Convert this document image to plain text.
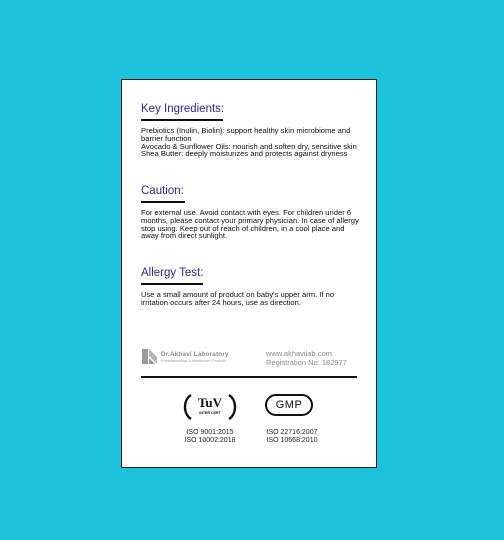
Key Ingredients:

Prebiotics (Inulin, Biolin): support healthy skin microbiome and barrier function

Avocado & Sunflower Oils: nourish and soften dry, sensitive skin

Shea Butter: deeply moisturizes and protects against dryness

Caution:
For external use. Avoid contact with eyes. For children under 6 months, please contact your primary physician. In case of allergy stop using. Keep out of reach of children, in a cool place and away from direct sunlight.
Allergy Test:
Use a small amount of product on baby's upper arm. If no irritation occurs after 24 hours, use as direction.
Dr.Akhavi Laboratory
Pharmaceutical & Healthcare Products
www.akhavilab.com
Registration No: 182977
TuV
INTER CERT
GMP
ISO 9001:2015
ISO 10002:2018
ISO 22716:2007
ISO 10668:2010
